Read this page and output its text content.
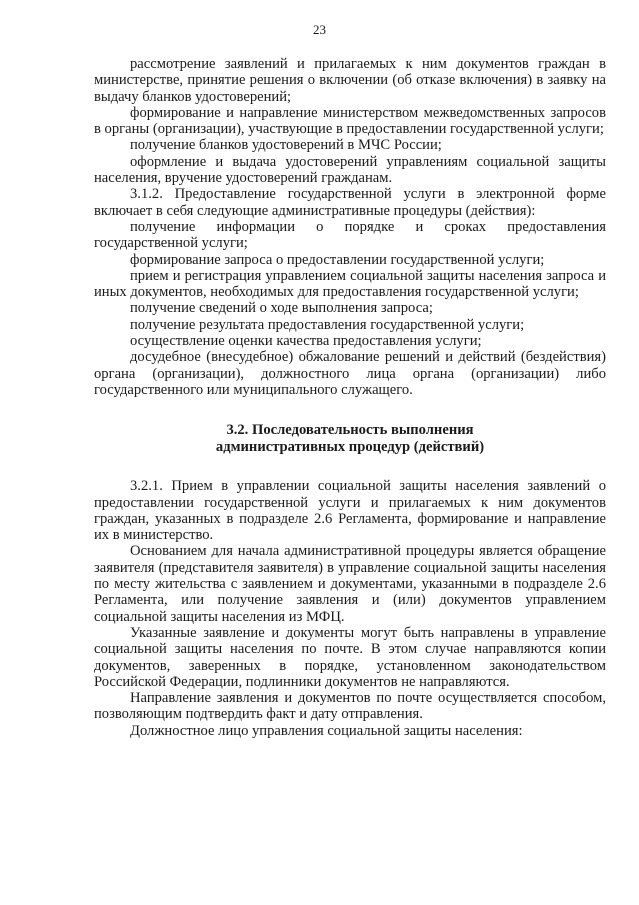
23

рассмотрение заявлений и прилагаемых к ним документов граждан в министерстве, принятие решения о включении (об отказе включения) в заявку на выдачу бланков удостоверений;

формирование и направление министерством межведомственных запросов в органы (организации), участвующие в предоставлении государственной услуги;

получение бланков удостоверений в МЧС России;

оформление и выдача удостоверений управлениям социальной защиты населения, вручение удостоверений гражданам.

3.1.2. Предоставление государственной услуги в электронной форме включает в себя следующие административные процедуры (действия):

получение информации о порядке и сроках предоставления государственной услуги;

формирование запроса о предоставлении государственной услуги;

прием и регистрация управлением социальной защиты населения запроса и иных документов, необходимых для предоставления государственной услуги;

получение сведений о ходе выполнения запроса;

получение результата предоставления государственной услуги;

осуществление оценки качества предоставления услуги;

досудебное (внесудебное) обжалование решений и действий (бездействия) органа (организации), должностного лица органа (организации) либо государственного или муниципального служащего.

3.2. Последовательность выполнения
административных процедур (действий)

3.2.1. Прием в управлении социальной защиты населения заявлений о предоставлении государственной услуги и прилагаемых к ним документов граждан, указанных в подразделе 2.6 Регламента, формирование и направление их в министерство.

Основанием для начала административной процедуры является обращение заявителя (представителя заявителя) в управление социальной защиты населения по месту жительства с заявлением и документами, указанными в подразделе 2.6 Регламента, или получение заявления и (или) документов управлением социальной защиты населения из МФЦ.

Указанные заявление и документы могут быть направлены в управление социальной защиты населения по почте. В этом случае направляются копии документов, заверенных в порядке, установленном законодательством Российской Федерации, подлинники документов не направляются.

Направление заявления и документов по почте осуществляется способом, позволяющим подтвердить факт и дату отправления.

Должностное лицо управления социальной защиты населения:
